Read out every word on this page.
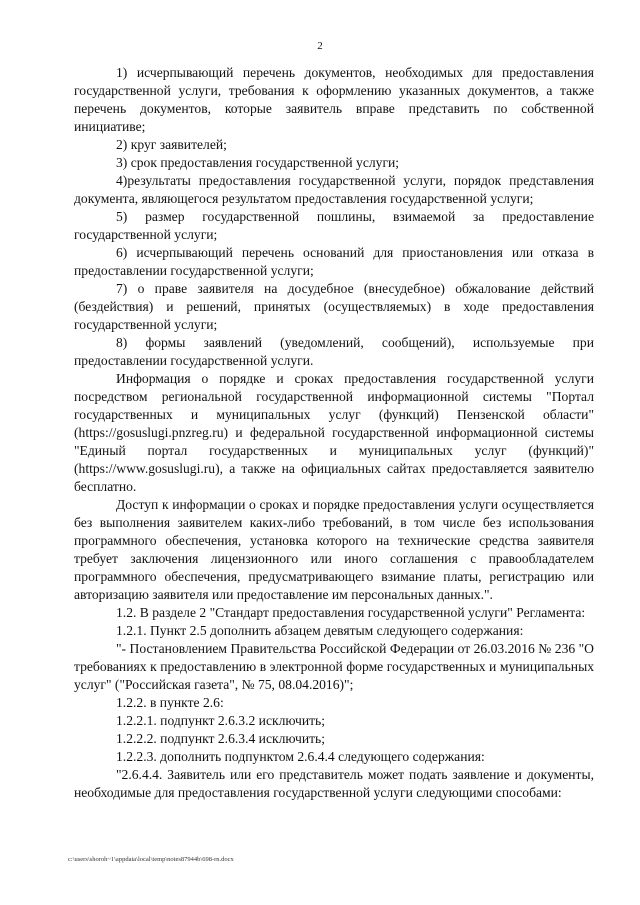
2

1) исчерпывающий перечень документов, необходимых для предоставления государственной услуги, требования к оформлению указанных документов, а также перечень документов, которые заявитель вправе представить по собственной инициативе;

2) круг заявителей;

3) срок предоставления государственной услуги;

4)результаты предоставления государственной услуги, порядок представления документа, являющегося результатом предоставления государственной услуги;

5) размер государственной пошлины, взимаемой за предоставление государственной услуги;

6) исчерпывающий перечень оснований для приостановления или отказа в предоставлении государственной услуги;

7) о праве заявителя на досудебное (внесудебное) обжалование действий (бездействия) и решений, принятых (осуществляемых) в ходе предоставления государственной услуги;

8) формы заявлений (уведомлений, сообщений), используемые при предоставлении государственной услуги.

Информация о порядке и сроках предоставления государственной услуги посредством региональной государственной информационной системы "Портал государственных и муниципальных услуг (функций) Пензенской области" (https://gosuslugi.pnzreg.ru) и федеральной государственной информационной системы "Единый портал государственных и муниципальных услуг (функций)" (https://www.gosuslugi.ru), а также на официальных сайтах предоставляется заявителю бесплатно.

Доступ к информации о сроках и порядке предоставления услуги осуществляется без выполнения заявителем каких-либо требований, в том числе без использования программного обеспечения, установка которого на технические средства заявителя требует заключения лицензионного или иного соглашения с правообладателем программного обеспечения, предусматривающего взимание платы, регистрацию или авторизацию заявителя или предоставление им персональных данных.".

1.2. В разделе 2 "Стандарт предоставления государственной услуги" Регламента:

1.2.1. Пункт 2.5 дополнить абзацем девятым следующего содержания:

"- Постановлением Правительства Российской Федерации от 26.03.2016 № 236 "О требованиях к предоставлению в электронной форме государственных и муниципальных услуг" ("Российская газета", № 75, 08.04.2016)";

1.2.2. в пункте 2.6:

1.2.2.1. подпункт 2.6.3.2 исключить;

1.2.2.2. подпункт 2.6.3.4 исключить;

1.2.2.3. дополнить подпунктом 2.6.4.4 следующего содержания:

"2.6.4.4. Заявитель или его представитель может подать заявление и документы, необходимые для предоставления государственной услуги следующими способами:

c:\users\shoroh~1\appdata\local\temp\notes87944b\698-rn.docx
